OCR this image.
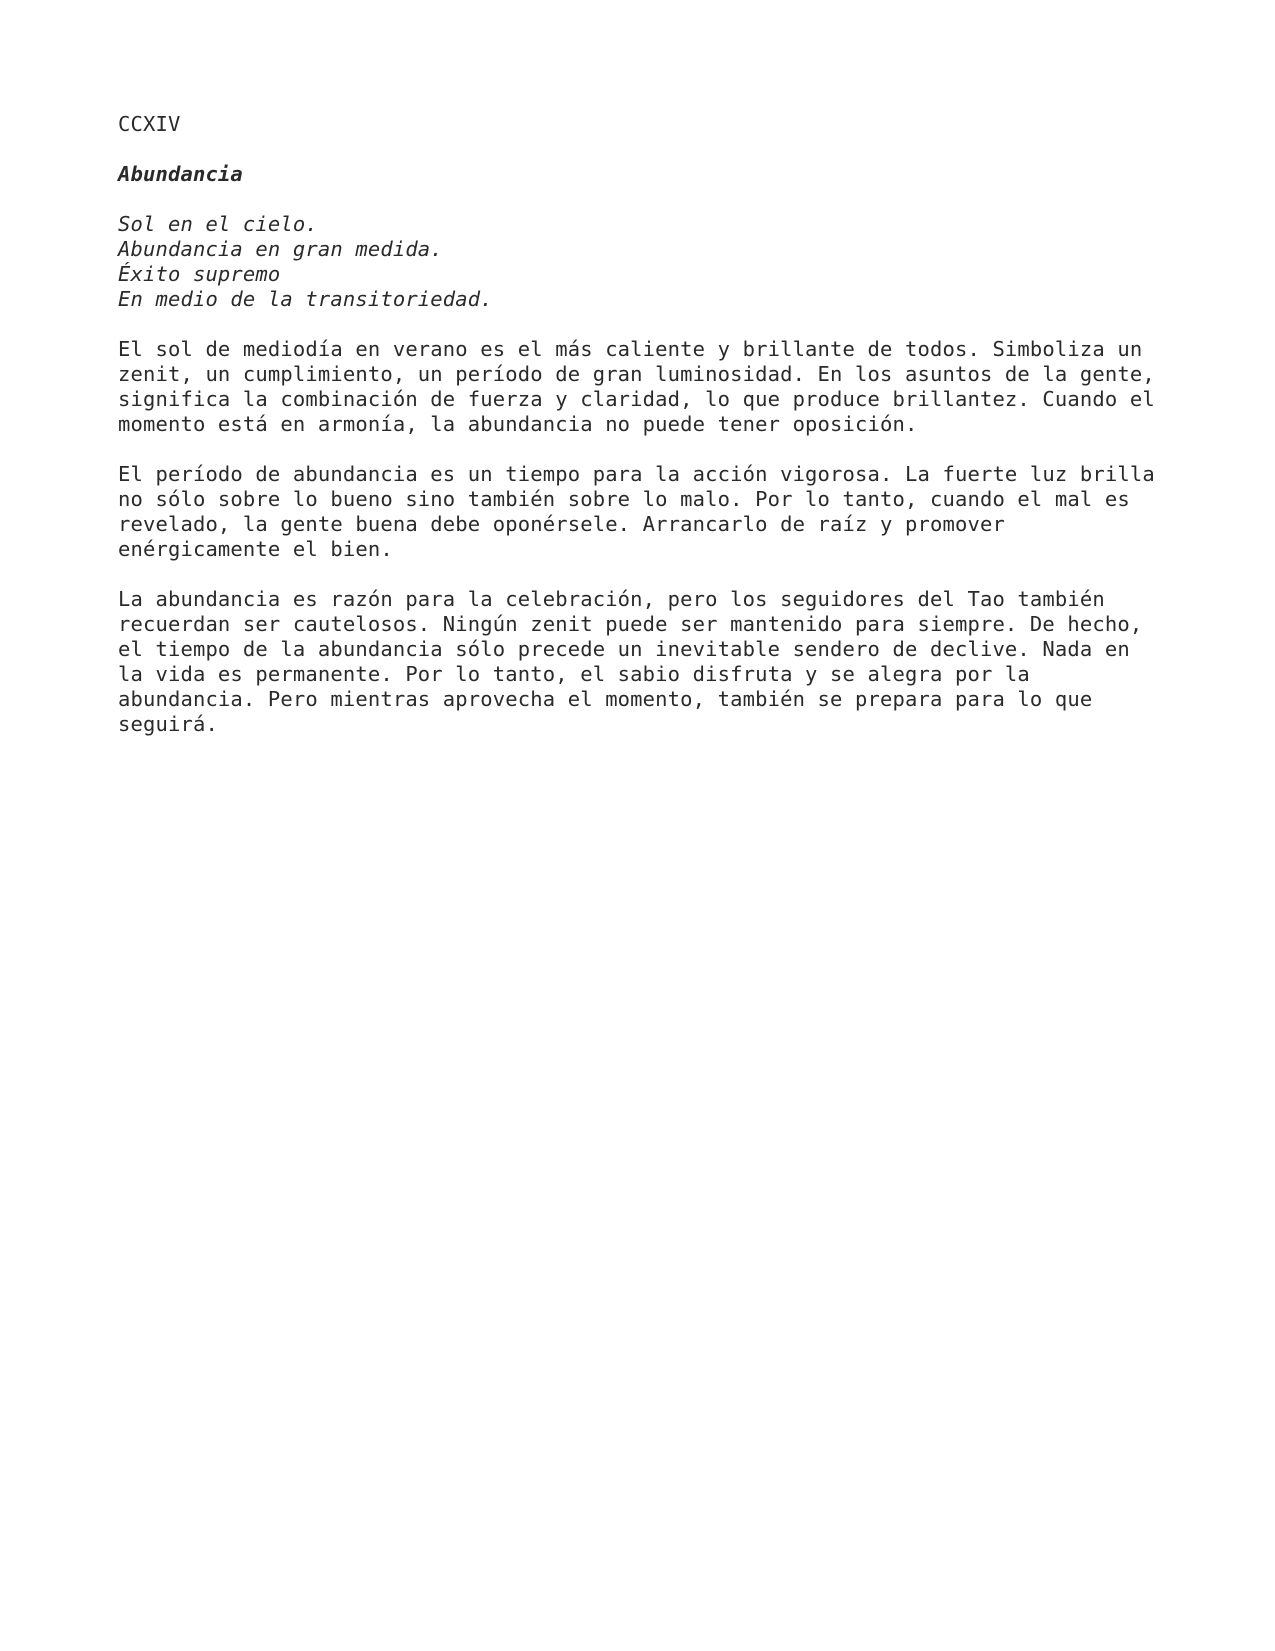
CCXIV
Abundancia
Sol en el cielo.
Abundancia en gran medida.
Éxito supremo
En medio de la transitoriedad.
El sol de mediodía en verano es el más caliente y brillante de todos. Simboliza un
zenit, un cumplimiento, un período de gran luminosidad. En los asuntos de la gente,
significa la combinación de fuerza y claridad, lo que produce brillantez. Cuando el
momento está en armonía, la abundancia no puede tener oposición.
El período de abundancia es un tiempo para la acción vigorosa. La fuerte luz brilla
no sólo sobre lo bueno sino también sobre lo malo. Por lo tanto, cuando el mal es
revelado, la gente buena debe oponérsele. Arrancarlo de raíz y promover
enérgicamente el bien.
La abundancia es razón para la celebración, pero los seguidores del Tao también
recuerdan ser cautelosos. Ningún zenit puede ser mantenido para siempre. De hecho,
el tiempo de la abundancia sólo precede un inevitable sendero de declive. Nada en
la vida es permanente. Por lo tanto, el sabio disfruta y se alegra por la
abundancia. Pero mientras aprovecha el momento, también se prepara para lo que
seguirá.
